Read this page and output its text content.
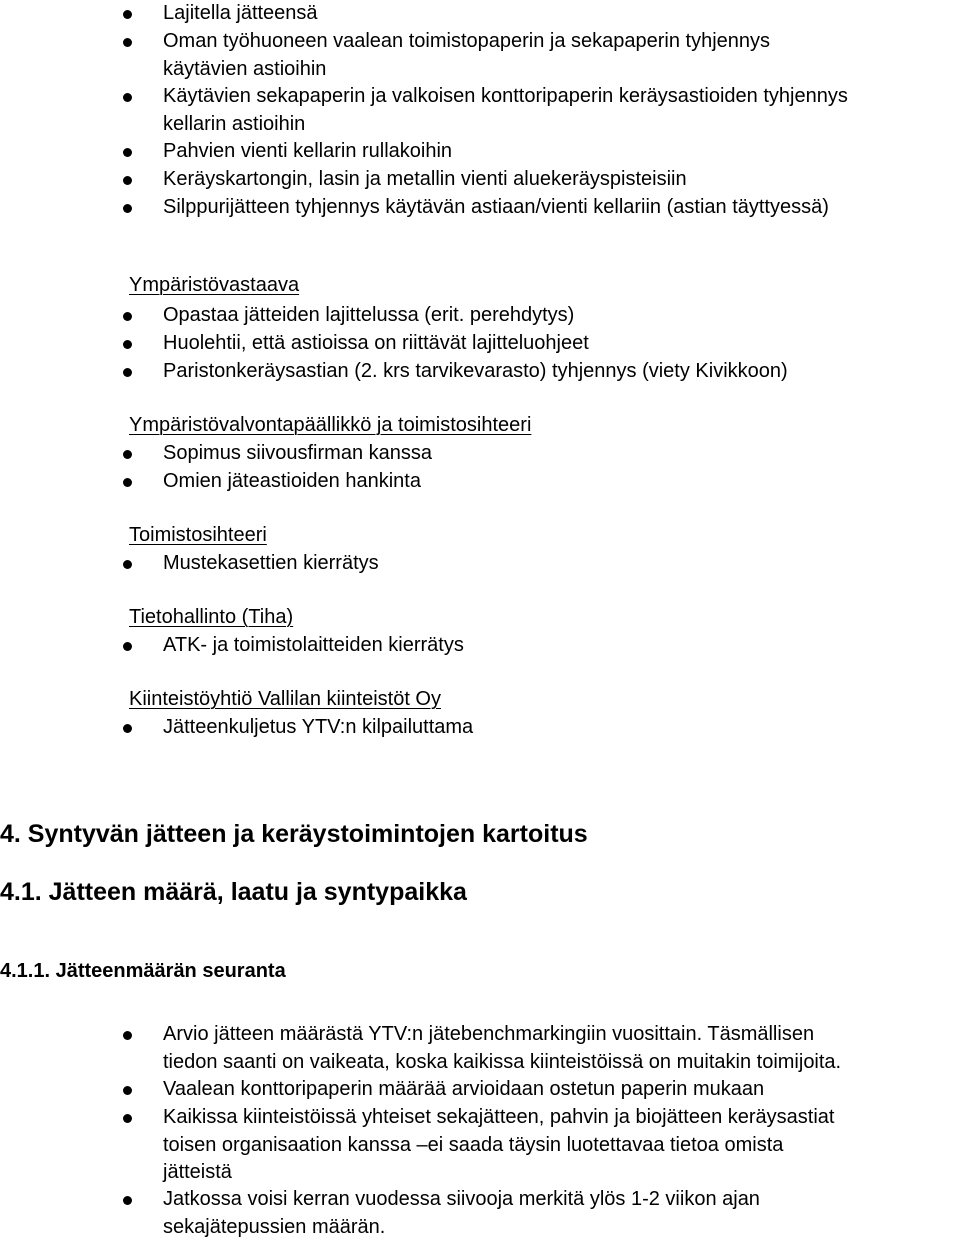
Lajitella jätteensä
Oman työhuoneen vaalean toimistopaperin ja sekapaperin tyhjennys
käytävien astioihin
Käytävien sekapaperin ja valkoisen konttoripaperin keräysastioiden tyhjennys
kellarin astioihin
Pahvien vienti kellarin rullakoihin
Keräyskartongin, lasin ja metallin vienti aluekeräyspisteisiin
Silppurijätteen tyhjennys käytävän astiaan/vienti kellariin (astian täyttyessä)
Ympäristövastaava
Opastaa jätteiden lajittelussa (erit. perehdytys)
Huolehtii, että astioissa on riittävät lajitteluohjeet
Paristonkeräysastian (2. krs tarvikevarasto) tyhjennys (viety Kivikkoon)
Ympäristövalvontapäällikkö ja toimistosihteeri
Sopimus siivousfirman kanssa
Omien jäteastioiden hankinta
Toimistosihteeri
Mustekasettien kierrätys
Tietohallinto (Tiha)
ATK- ja toimistolaitteiden kierrätys
Kiinteistöyhtiö Vallilan kiinteistöt Oy
Jätteenkuljetus YTV:n kilpailuttama
4. Syntyvän jätteen ja keräystoimintojen kartoitus
4.1. Jätteen määrä, laatu ja syntypaikka
4.1.1. Jätteenmäärän seuranta
Arvio jätteen määrästä YTV:n jätebenchmarkingiin vuosittain. Täsmällisen
tiedon saanti on vaikeata, koska kaikissa kiinteistöissä on muitakin toimijoita.
Vaalean konttoripaperin määrää arvioidaan ostetun paperin mukaan
Kaikissa kiinteistöissä yhteiset sekajätteen, pahvin ja biojätteen keräysastiat
toisen organisaation kanssa –ei saada täysin luotettavaa tietoa omista
jätteistä
Jatkossa voisi kerran vuodessa siivooja merkitä ylös 1-2 viikon ajan
sekajätepussien määrän.
